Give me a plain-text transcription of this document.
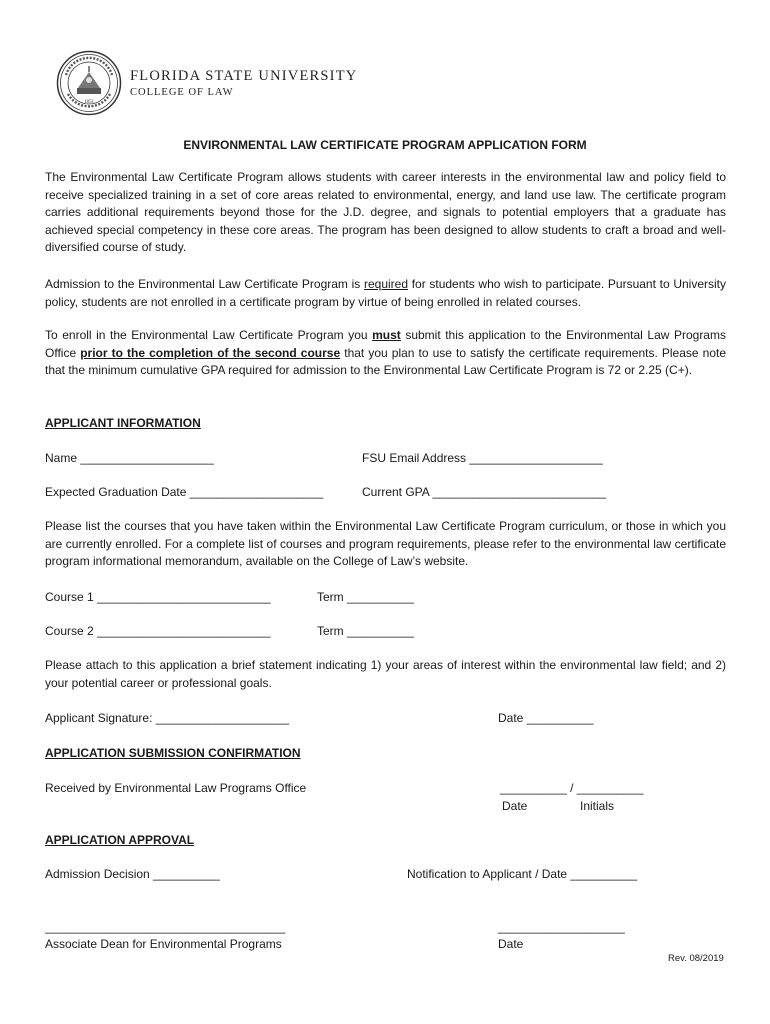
1851
FLORIDA STATE UNIVERSITY
COLLEGE OF LAW
ENVIRONMENTAL LAW CERTIFICATE PROGRAM APPLICATION FORM

The Environmental Law Certificate Program allows students with career interests in the environmental law and policy field to receive specialized training in a set of core areas related to environmental, energy, and land use law. The certificate program carries additional requirements beyond those for the J.D. degree, and signals to potential employers that a graduate has achieved special competency in these core areas. The program has been designed to allow students to craft a broad and well-diversified course of study.

Admission to the Environmental Law Certificate Program is required for students who wish to participate. Pursuant to University policy, students are not enrolled in a certificate program by virtue of being enrolled in related courses.

To enroll in the Environmental Law Certificate Program you must submit this application to the Environmental Law Programs Office prior to the completion of the second course that you plan to use to satisfy the certificate requirements. Please note that the minimum cumulative GPA required for admission to the Environmental Law Certificate Program is 72 or 2.25 (C+).

APPLICANT INFORMATION
Name ____________________	FSU Email Address ____________________
Expected Graduation Date ____________________	Current GPA __________________________

Please list the courses that you have taken within the Environmental Law Certificate Program curriculum, or those in which you are currently enrolled. For a complete list of courses and program requirements, please refer to the environmental law certificate program informational memorandum, available on the College of Law’s website.

Course 1 __________________________	Term __________
Course 2 __________________________	Term __________

Please attach to this application a brief statement indicating 1) your areas of interest within the environmental law field; and 2) your potential career or professional goals.

Applicant Signature: ____________________	Date __________
APPLICATION SUBMISSION CONFIRMATION
Received by Environmental Law Programs Office	__________ / __________
Date	Initials
APPLICATION APPROVAL
Admission Decision __________	Notification to Applicant / Date __________
____________________________________
Associate Dean for Environmental Programs
___________________
Date
Rev. 08/2019
